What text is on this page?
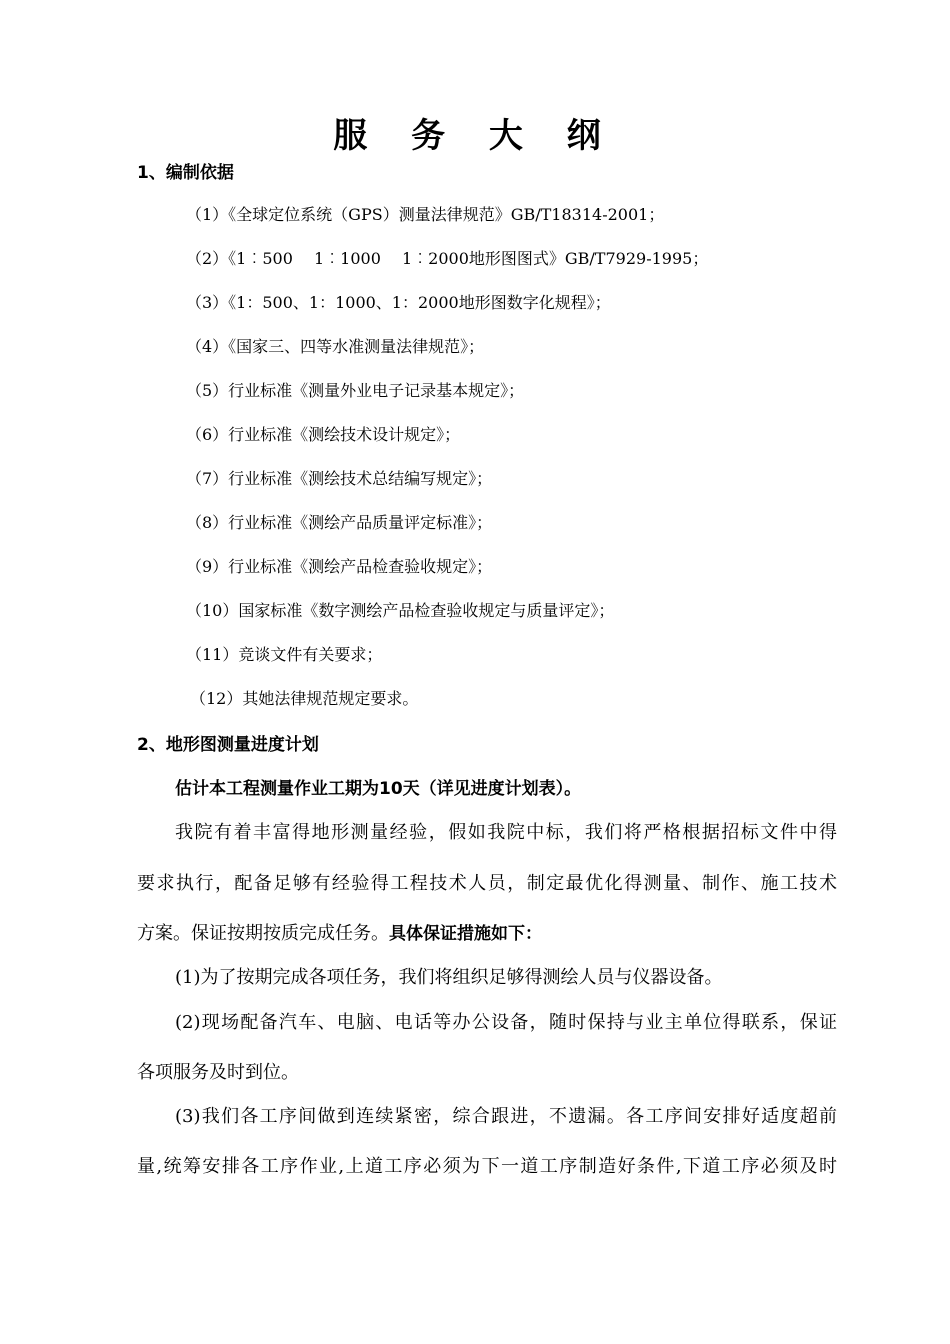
服 务 大 纲
1、编制依据
（1）《全球定位系统（GPS）测量法律规范》GB/T18314-2001；
（2）《1︰500　 1︰1000　 1︰2000地形图图式》GB/T7929-1995；
（3）《1：500、1：1000、1：2000地形图数字化规程》；
（4）《国家三、四等水准测量法律规范》；
（5）行业标准《测量外业电子记录基本规定》；
（6）行业标准《测绘技术设计规定》；
（7）行业标准《测绘技术总结编写规定》；
（8）行业标准《测绘产品质量评定标准》；
（9）行业标准《测绘产品检查验收规定》；
（10）国家标准《数字测绘产品检查验收规定与质量评定》；
（11）竞谈文件有关要求；
（12）其她法律规范规定要求。
2、地形图测量进度计划
估计本工程测量作业工期为10天（详见进度计划表）。
我院有着丰富得地形测量经验，假如我院中标，我们将严格根据招标文件中得
要求执行，配备足够有经验得工程技术人员，制定最优化得测量、制作、施工技术
方案。保证按期按质完成任务。具体保证措施如下：
(1)为了按期完成各项任务，我们将组织足够得测绘人员与仪器设备。
(2)现场配备汽车、电脑、电话等办公设备，随时保持与业主单位得联系，保证
各项服务及时到位。
(3)我们各工序间做到连续紧密，综合跟进，不遗漏。各工序间安排好适度超前
量,统筹安排各工序作业,上道工序必须为下一道工序制造好条件,下道工序必须及时
